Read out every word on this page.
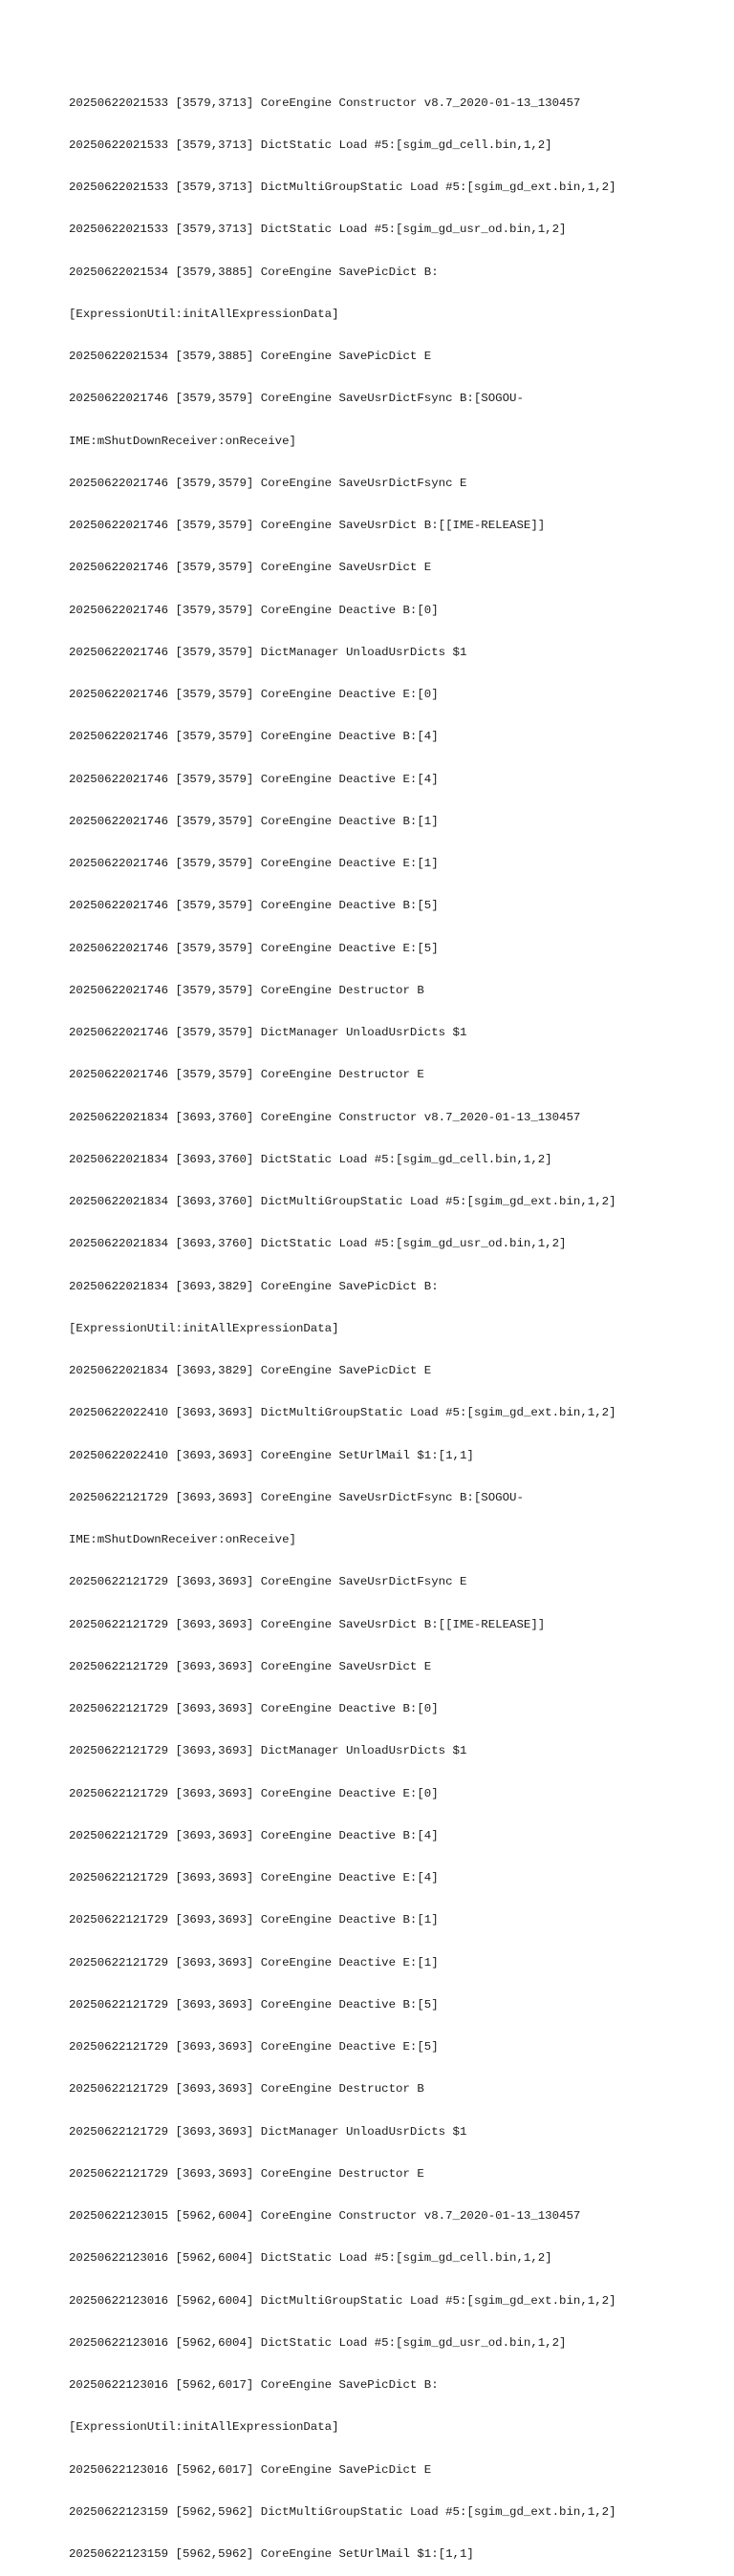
20250622021533 [3579,3713] CoreEngine Constructor v8.7_2020-01-13_130457

20250622021533 [3579,3713] DictStatic Load #5:[sgim_gd_cell.bin,1,2]

20250622021533 [3579,3713] DictMultiGroupStatic Load #5:[sgim_gd_ext.bin,1,2]

20250622021533 [3579,3713] DictStatic Load #5:[sgim_gd_usr_od.bin,1,2]

20250622021534 [3579,3885] CoreEngine SavePicDict B:

[ExpressionUtil:initAllExpressionData]

20250622021534 [3579,3885] CoreEngine SavePicDict E

20250622021746 [3579,3579] CoreEngine SaveUsrDictFsync B:[SOGOU-

IME:mShutDownReceiver:onReceive]

20250622021746 [3579,3579] CoreEngine SaveUsrDictFsync E

20250622021746 [3579,3579] CoreEngine SaveUsrDict B:[[IME-RELEASE]]

20250622021746 [3579,3579] CoreEngine SaveUsrDict E

20250622021746 [3579,3579] CoreEngine Deactive B:[0]

20250622021746 [3579,3579] DictManager UnloadUsrDicts $1

20250622021746 [3579,3579] CoreEngine Deactive E:[0]

20250622021746 [3579,3579] CoreEngine Deactive B:[4]

20250622021746 [3579,3579] CoreEngine Deactive E:[4]

20250622021746 [3579,3579] CoreEngine Deactive B:[1]

20250622021746 [3579,3579] CoreEngine Deactive E:[1]

20250622021746 [3579,3579] CoreEngine Deactive B:[5]

20250622021746 [3579,3579] CoreEngine Deactive E:[5]

20250622021746 [3579,3579] CoreEngine Destructor B

20250622021746 [3579,3579] DictManager UnloadUsrDicts $1

20250622021746 [3579,3579] CoreEngine Destructor E

20250622021834 [3693,3760] CoreEngine Constructor v8.7_2020-01-13_130457

20250622021834 [3693,3760] DictStatic Load #5:[sgim_gd_cell.bin,1,2]

20250622021834 [3693,3760] DictMultiGroupStatic Load #5:[sgim_gd_ext.bin,1,2]

20250622021834 [3693,3760] DictStatic Load #5:[sgim_gd_usr_od.bin,1,2]

20250622021834 [3693,3829] CoreEngine SavePicDict B:

[ExpressionUtil:initAllExpressionData]

20250622021834 [3693,3829] CoreEngine SavePicDict E

20250622022410 [3693,3693] DictMultiGroupStatic Load #5:[sgim_gd_ext.bin,1,2]

20250622022410 [3693,3693] CoreEngine SetUrlMail $1:[1,1]

20250622121729 [3693,3693] CoreEngine SaveUsrDictFsync B:[SOGOU-

IME:mShutDownReceiver:onReceive]

20250622121729 [3693,3693] CoreEngine SaveUsrDictFsync E

20250622121729 [3693,3693] CoreEngine SaveUsrDict B:[[IME-RELEASE]]

20250622121729 [3693,3693] CoreEngine SaveUsrDict E

20250622121729 [3693,3693] CoreEngine Deactive B:[0]

20250622121729 [3693,3693] DictManager UnloadUsrDicts $1

20250622121729 [3693,3693] CoreEngine Deactive E:[0]

20250622121729 [3693,3693] CoreEngine Deactive B:[4]

20250622121729 [3693,3693] CoreEngine Deactive E:[4]

20250622121729 [3693,3693] CoreEngine Deactive B:[1]

20250622121729 [3693,3693] CoreEngine Deactive E:[1]

20250622121729 [3693,3693] CoreEngine Deactive B:[5]

20250622121729 [3693,3693] CoreEngine Deactive E:[5]

20250622121729 [3693,3693] CoreEngine Destructor B

20250622121729 [3693,3693] DictManager UnloadUsrDicts $1

20250622121729 [3693,3693] CoreEngine Destructor E

20250622123015 [5962,6004] CoreEngine Constructor v8.7_2020-01-13_130457

20250622123016 [5962,6004] DictStatic Load #5:[sgim_gd_cell.bin,1,2]

20250622123016 [5962,6004] DictMultiGroupStatic Load #5:[sgim_gd_ext.bin,1,2]

20250622123016 [5962,6004] DictStatic Load #5:[sgim_gd_usr_od.bin,1,2]

20250622123016 [5962,6017] CoreEngine SavePicDict B:

[ExpressionUtil:initAllExpressionData]

20250622123016 [5962,6017] CoreEngine SavePicDict E

20250622123159 [5962,5962] DictMultiGroupStatic Load #5:[sgim_gd_ext.bin,1,2]

20250622123159 [5962,5962] CoreEngine SetUrlMail $1:[1,1]
